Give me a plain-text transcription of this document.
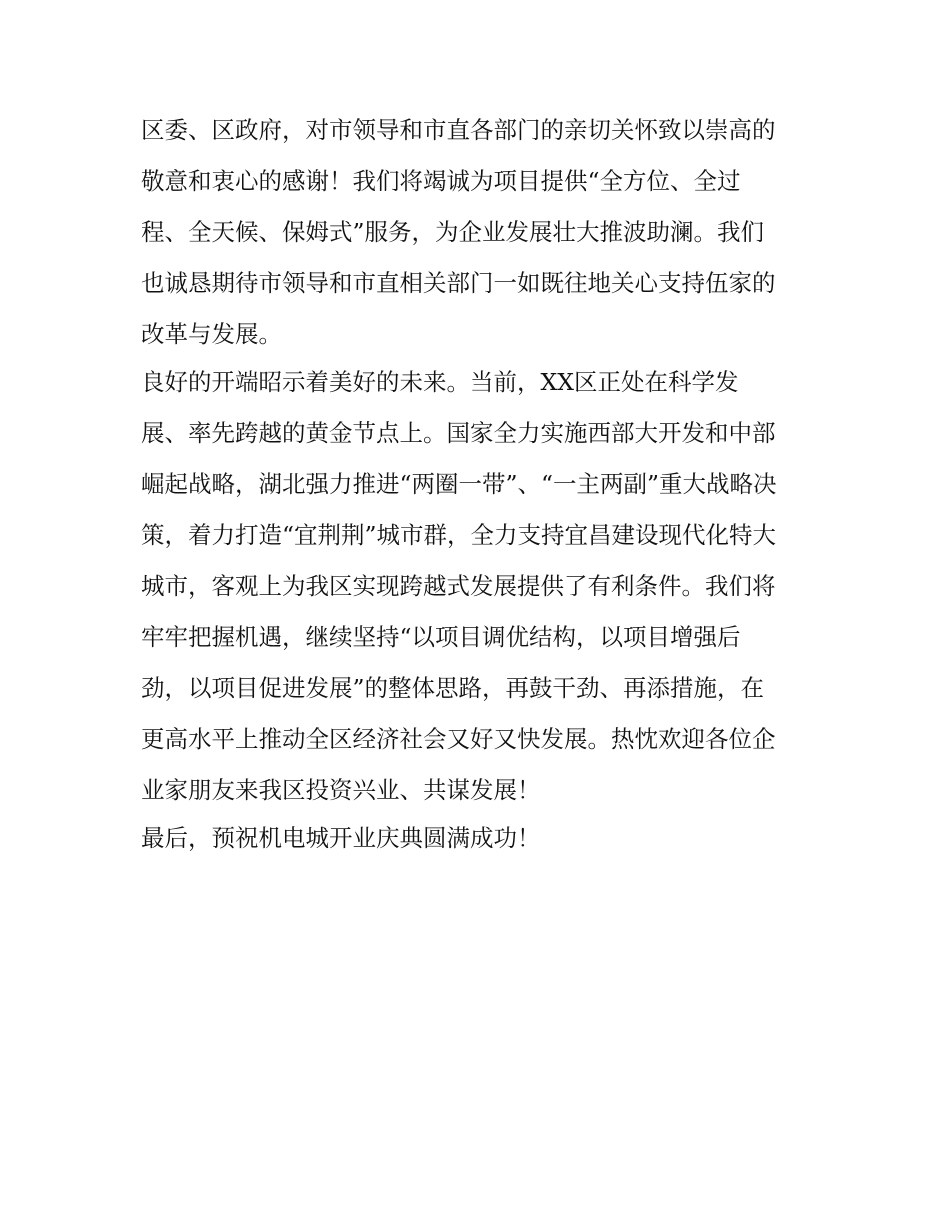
区委、区政府，对市领导和市直各部门的亲切关怀致以崇高的
敬意和衷心的感谢！我们将竭诚为项目提供“全方位、全过
程、全天候、保姆式”服务，为企业发展壮大推波助澜。我们
也诚恳期待市领导和市直相关部门一如既往地关心支持伍家的
改革与发展。
良好的开端昭示着美好的未来。当前，XX区正处在科学发
展、率先跨越的黄金节点上。国家全力实施西部大开发和中部
崛起战略，湖北强力推进“两圈一带”、“一主两副”重大战略决
策，着力打造“宜荆荆”城市群，全力支持宜昌建设现代化特大
城市，客观上为我区实现跨越式发展提供了有利条件。我们将
牢牢把握机遇，继续坚持“以项目调优结构，以项目增强后
劲，以项目促进发展”的整体思路，再鼓干劲、再添措施，在
更高水平上推动全区经济社会又好又快发展。热忱欢迎各位企
业家朋友来我区投资兴业、共谋发展！
最后，预祝机电城开业庆典圆满成功！
